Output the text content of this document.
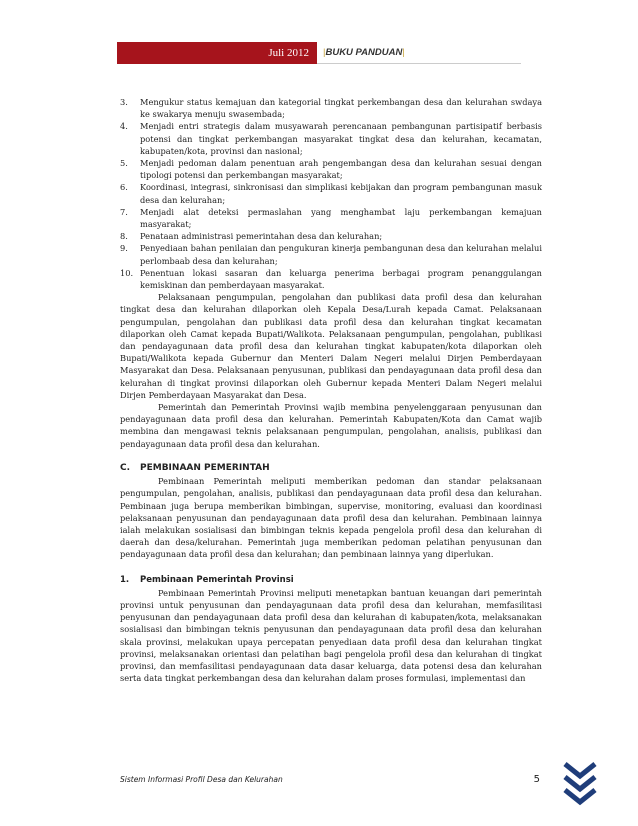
Juli 2012	| BUKU PANDUAN |
3.	Mengukur status kemajuan dan kategorial tingkat perkembangan desa dan kelurahan swdaya ke swakarya menuju swasembada;
4.	Menjadi entri strategis dalam musyawarah perencanaan pembangunan partisipatif berbasis potensi dan tingkat perkembangan masyarakat tingkat desa dan kelurahan, kecamatan, kabupaten/kota, provinsi dan nasional;
5.	Menjadi pedoman dalam penentuan arah pengembangan desa dan kelurahan sesuai dengan tipologi potensi dan perkembangan masyarakat;
6.	Koordinasi, integrasi, sinkronisasi dan simplikasi kebijakan dan program pembangunan masuk desa dan kelurahan;
7.	Menjadi alat deteksi permaslahan yang menghambat laju perkembangan kemajuan masyarakat;
8.	Penataan administrasi pemerintahan desa dan kelurahan;
9.	Penyediaan bahan penilaian dan pengukuran kinerja pembangunan desa dan kelurahan melalui perlombaab desa dan kelurahan;
10. Penentuan lokasi sasaran dan keluarga penerima berbagai program penanggulangan kemiskinan dan pemberdayaan masyarakat.

Pelaksanaan pengumpulan, pengolahan dan publikasi data profil desa dan kelurahan tingkat desa dan kelurahan dilaporkan oleh Kepala Desa/Lurah kepada Camat. Pelaksanaan pengumpulan, pengolahan dan publikasi data profil desa dan kelurahan tingkat kecamatan dilaporkan oleh Camat kepada Bupati/Walikota. Pelaksanaan pengumpulan, pengolahan, publikasi dan pendayagunaan data profil desa dan kelurahan tingkat kabupaten/kota dilaporkan oleh Bupati/Walikota kepada Gubernur dan Menteri Dalam Negeri melalui Dirjen Pemberdayaan Masyarakat dan Desa. Pelaksanaan penyusunan, publikasi dan pendayagunaan data profil desa dan kelurahan di tingkat provinsi dilaporkan oleh Gubernur kepada Menteri Dalam Negeri melalui Dirjen Pemberdayaan Masyarakat dan Desa.

Pemerintah dan Pemerintah Provinsi wajib membina penyelenggaraan penyusunan dan pendayagunaan data profil desa dan kelurahan. Pemerintah Kabupaten/Kota dan Camat wajib membina dan mengawasi teknis pelaksanaan pengumpulan, pengolahan, analisis, publikasi dan pendayagunaan data profil desa dan kelurahan.

C.	PEMBINAAN PEMERINTAH

Pembinaan Pemerintah meliputi memberikan pedoman dan standar pelaksanaan pengumpulan, pengolahan, analisis, publikasi dan pendayagunaan data profil desa dan kelurahan. Pembinaan juga berupa memberikan bimbingan, supervise, monitoring, evaluasi dan koordinasi pelaksanaan penyusunan dan pendayagunaan data profil desa dan kelurahan. Pembinaan lainnya ialah melakukan sosialisasi dan bimbingan teknis kepada pengelola profil desa dan kelurahan di daerah dan desa/kelurahan. Pemerintah juga memberikan pedoman pelatihan penyusunan dan pendayagunaan data profil desa dan kelurahan; dan pembinaan lainnya yang diperlukan.

1.	Pembinaan Pemerintah Provinsi

Pembinaan Pemerintah Provinsi meliputi menetapkan bantuan keuangan dari pemerintah provinsi untuk penyusunan dan pendayagunaan data profil desa dan kelurahan, memfasilitasi penyusunan dan pendayagunaan data profil desa dan kelurahan di kabupaten/kota, melaksanakan sosialisasi dan bimbingan teknis penyusunan dan pendayagunaan data profil desa dan kelurahan skala provinsi, melakukan upaya percepatan penyediaan data profil desa dan kelurahan tingkat provinsi, melaksanakan orientasi dan pelatihan bagi pengelola profil desa dan kelurahan di tingkat provinsi, dan memfasilitasi pendayagunaan data dasar keluarga, data potensi desa dan kelurahan serta data tingkat perkembangan desa dan kelurahan dalam proses formulasi, implementasi dan

Sistem Informasi Profil Desa dan Kelurahan	5
